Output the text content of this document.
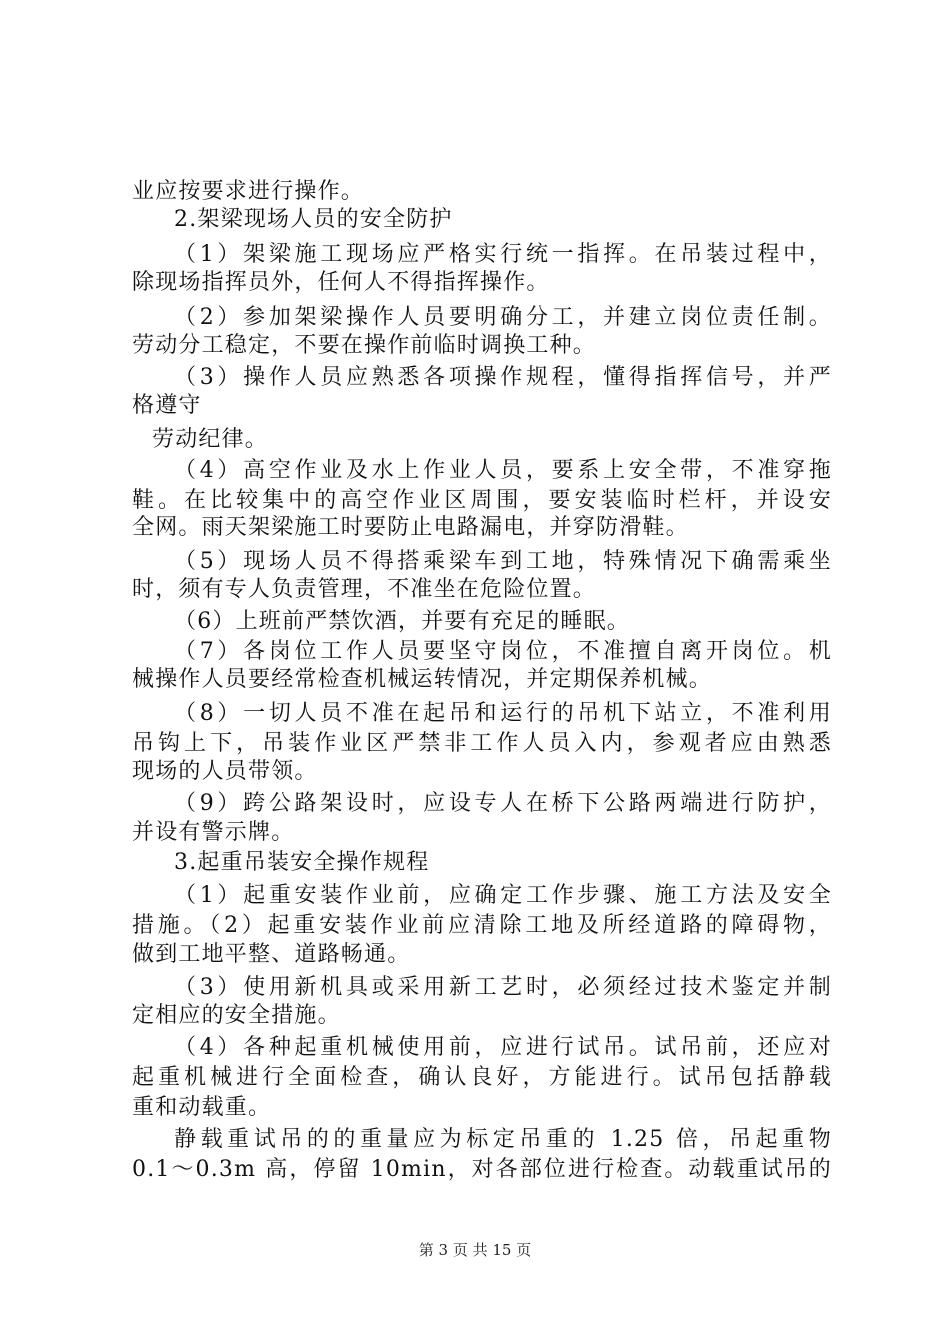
业应按要求进行操作。
2.架梁现场人员的安全防护
（1）架梁施工现场应严格实行统一指挥。在吊装过程中，
除现场指挥员外，任何人不得指挥操作。
（2）参加架梁操作人员要明确分工，并建立岗位责任制。
劳动分工稳定，不要在操作前临时调换工种。
（3）操作人员应熟悉各项操作规程，懂得指挥信号，并严
格遵守
劳动纪律。
（4）高空作业及水上作业人员，要系上安全带，不准穿拖
鞋。在比较集中的高空作业区周围，要安装临时栏杆，并设安
全网。雨天架梁施工时要防止电路漏电，并穿防滑鞋。
（5）现场人员不得搭乘梁车到工地，特殊情况下确需乘坐
时，须有专人负责管理，不准坐在危险位置。
（6）上班前严禁饮酒，并要有充足的睡眠。
（7）各岗位工作人员要坚守岗位，不准擅自离开岗位。机
械操作人员要经常检查机械运转情况，并定期保养机械。
（8）一切人员不准在起吊和运行的吊机下站立，不准利用
吊钩上下，吊装作业区严禁非工作人员入内，参观者应由熟悉
现场的人员带领。
（9）跨公路架设时，应设专人在桥下公路两端进行防护，
并设有警示牌。
3.起重吊装安全操作规程
（1）起重安装作业前，应确定工作步骤、施工方法及安全
措施。（2）起重安装作业前应清除工地及所经道路的障碍物，
做到工地平整、道路畅通。
（3）使用新机具或采用新工艺时，必须经过技术鉴定并制
定相应的安全措施。
（4）各种起重机械使用前，应进行试吊。试吊前，还应对
起重机械进行全面检查，确认良好，方能进行。试吊包括静载
重和动载重。
静载重试吊的的重量应为标定吊重的 1.25 倍，吊起重物
0.1～0.3m 高，停留 10min，对各部位进行检查。动载重试吊的
第 3 页 共 15 页
